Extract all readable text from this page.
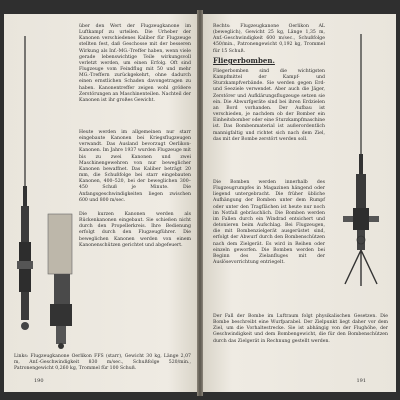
über den Wert der Flugzeugkanone im Luftkampf zu urteilen. Die Urheber der Kanonen verschiedenes Kaliber für Flugzeuge stellten fest, daß Geschosse mit der besseren Wirkung als Inf.-MG.-Treffer haben, wenn viele gerade lebenswichtige Teile wirkungsvoll verletzt werden, um einen Erfolg. Oft sind Flugzeuge vom Feindflug mit 50 und mehr MG.-Treffern zurückgekehrt, ohne dadurch einen ernstlichen Schaden davongetragen zu haben. Kanonentreffer zeigen wohl größere Zerstörungen an Maschinenteilen. Nachteil der Kanonen ist ihr großes Gewicht.

Heute werden im allgemeinen nur starr eingebaute Kanonen bei Kriegsflugzeugen verwandt. Das Ausland bevorzugt Oerlikon-Kanonen. Im Jahre 1937 wurden Flugzeuge mit bis zu zwei Kanonen und zwei Maschinengewehren von nur beweglicher Kanonen bewaffnet. Das Kaliber beträgt 20 mm, die Schußfolge bei starr eingebauten Kanonen, 400–520, bei der beweglichen 300–450 Schuß je Minute. Die Anfangsgeschwindigkeiten liegen zwischen 600 und 800 m/sec.

Die kurzen Kanonen werden als Rückenkanonen eingebaut. Sie schießen nicht durch den Propellerkreis. Ihre Bedienung erfolgt durch den Flugzeugführer. Die beweglichen Kanonen werden von einem Kanonenschützen gerichtet und abgefeuert.

Links: Flugzeugkanone Oerlikon FFS (starr), Gewicht 30 kg, Länge 2,07 m, Anf.-Geschwindigkeit 830 m/sec., Schußfolge 520/min., Patronengewicht 0,260 kg, Trommel für 100 Schuß.

190

Rechts: Flugzeugkanone Oerlikon AL (beweglich), Gewicht 25 kg, Länge 1,35 m, Anf.-Geschwindigkeit 600 m/sec., Schußfolge 450/min., Patronengewicht 0,192 kg, Trommel für 15 Schuß.

Fliegerbomben.

Fliegerbomben sind die wichtigsten Kampfmittel der Kampf- und Sturzkampfverbände. Sie werden gegen Erd- und Seeziele verwendet. Aber auch die Jäger, Zerstörer und Aufklärungsflugzeuge setzen sie ein. Die Abwurfgeräte sind bei ihren Erdzielen an Bord vorhanden. Der Aufbau ist verschieden, je nachdem ob der Bomber ein Einheitsbomber oder eine Sturzkampfmaschine ist. Das Bombenmaterial ist außerordentlich mannigfaltig und richtet sich nach dem Ziel, das mit der Bombe zerstört werden soll.

Die Bomben werden innerhalb des Flugzeugrumpfes in Magazinen hängend oder liegend untergebracht. Die früher übliche Aufhängung der Bomben unter dem Rumpf oder unter den Tragflächen ist heute nur noch im Notfall gebräuchlich. Die Bomben werden im Fallen durch ein Windrad entsichert und detonieren beim Aufschlag. Bei Flugzeugen, die mit Bombenzielgerät ausgerüstet sind, erfolgt der Abwurf durch den Bombenschützen nach dem Zielgerät. Es wird in Reihen oder einzeln geworfen. Die Bomben werden bei Beginn des Zielanfluges mit der Auslösevorrichtung entriegelt.

Der Fall der Bombe im Luftraum folgt physikalischen Gesetzen. Die Bombe beschreibt eine Wurfparabel. Der Zielpunkt liegt daher vor dem Ziel, um die Vorhaltestrecke. Sie ist abhängig von der Flughöhe, der Geschwindigkeit und dem Bombengewicht, die für den Bombenschützen durch das Zielgerät in Rechnung gestellt werden.

191
